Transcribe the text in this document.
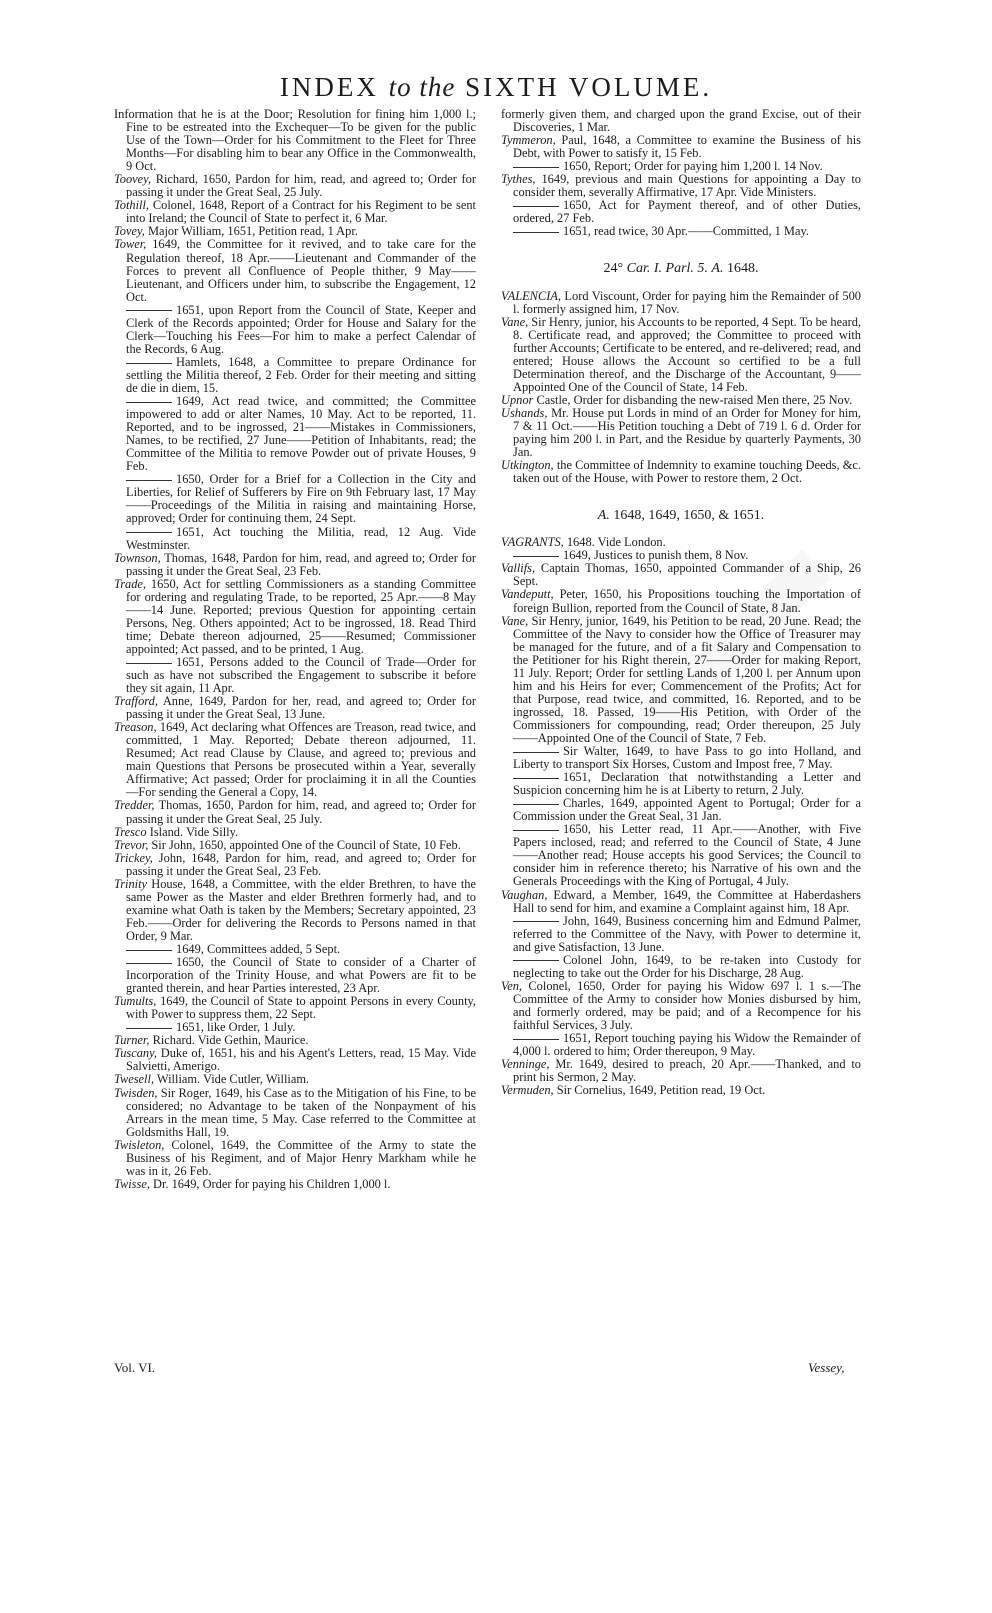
INDEX to the SIXTH VOLUME.

Information that he is at the Door; Resolution for fining him 1,000 l.; Fine to be estreated into the Exchequer—To be given for the public Use of the Town—Order for his Commitment to the Fleet for Three Months—For disabling him to bear any Office in the Commonwealth, 9 Oct.

Toovey, Richard, 1650, Pardon for him, read, and agreed to; Order for passing it under the Great Seal, 25 July.

Tothill, Colonel, 1648, Report of a Contract for his Regiment to be sent into Ireland; the Council of State to perfect it, 6 Mar.

Tovey, Major William, 1651, Petition read, 1 Apr.

Tower, 1649, the Committee for it revived, and to take care for the Regulation thereof, 18 Apr.——Lieutenant and Commander of the Forces to prevent all Confluence of People thither, 9 May——Lieutenant, and Officers under him, to subscribe the Engagement, 12 Oct.

1651, upon Report from the Council of State, Keeper and Clerk of the Records appointed; Order for House and Salary for the Clerk—Touching his Fees—For him to make a perfect Calendar of the Records, 6 Aug.

Hamlets, 1648, a Committee to prepare Ordinance for settling the Militia thereof, 2 Feb. Order for their meeting and sitting de die in diem, 15.

1649, Act read twice, and committed; the Committee impowered to add or alter Names, 10 May. Act to be reported, 11. Reported, and to be ingrossed, 21——Mistakes in Commissioners, Names, to be rectified, 27 June——Petition of Inhabitants, read; the Committee of the Militia to remove Powder out of private Houses, 9 Feb.

1650, Order for a Brief for a Collection in the City and Liberties, for Relief of Sufferers by Fire on 9th February last, 17 May——Proceedings of the Militia in raising and maintaining Horse, approved; Order for continuing them, 24 Sept.

1651, Act touching the Militia, read, 12 Aug. Vide Westminster.

Townson, Thomas, 1648, Pardon for him, read, and agreed to; Order for passing it under the Great Seal, 23 Feb.

Trade, 1650, Act for settling Commissioners as a standing Committee for ordering and regulating Trade, to be reported, 25 Apr.——8 May——14 June. Reported; previous Question for appointing certain Persons, Neg. Others appointed; Act to be ingrossed, 18. Read Third time; Debate thereon adjourned, 25——Resumed; Commissioner appointed; Act passed, and to be printed, 1 Aug.

1651, Persons added to the Council of Trade—Order for such as have not subscribed the Engagement to subscribe it before they sit again, 11 Apr.

Trafford, Anne, 1649, Pardon for her, read, and agreed to; Order for passing it under the Great Seal, 13 June.

Treason, 1649, Act declaring what Offences are Treason, read twice, and committed, 1 May. Reported; Debate thereon adjourned, 11. Resumed; Act read Clause by Clause, and agreed to; previous and main Questions that Persons be prosecuted within a Year, severally Affirmative; Act passed; Order for proclaiming it in all the Counties—For sending the General a Copy, 14.

Tredder, Thomas, 1650, Pardon for him, read, and agreed to; Order for passing it under the Great Seal, 25 July.

Tresco Island. Vide Silly.

Trevor, Sir John, 1650, appointed One of the Council of State, 10 Feb.

Trickey, John, 1648, Pardon for him, read, and agreed to; Order for passing it under the Great Seal, 23 Feb.

Trinity House, 1648, a Committee, with the elder Brethren, to have the same Power as the Master and elder Brethren formerly had, and to examine what Oath is taken by the Members; Secretary appointed, 23 Feb.——Order for delivering the Records to Persons named in that Order, 9 Mar.

1649, Committees added, 5 Sept.

1650, the Council of State to consider of a Charter of Incorporation of the Trinity House, and what Powers are fit to be granted therein, and hear Parties interested, 23 Apr.

Tumults, 1649, the Council of State to appoint Persons in every County, with Power to suppress them, 22 Sept.

1651, like Order, 1 July.

Turner, Richard. Vide Gethin, Maurice.

Tuscany, Duke of, 1651, his and his Agent's Letters, read, 15 May. Vide Salvietti, Amerigo.

Twesell, William. Vide Cutler, William.

Twisden, Sir Roger, 1649, his Case as to the Mitigation of his Fine, to be considered; no Advantage to be taken of the Nonpayment of his Arrears in the mean time, 5 May. Case referred to the Committee at Goldsmiths Hall, 19.

Twisleton, Colonel, 1649, the Committee of the Army to state the Business of his Regiment, and of Major Henry Markham while he was in it, 26 Feb.

Twisse, Dr. 1649, Order for paying his Children 1,000 l.

formerly given them, and charged upon the grand Excise, out of their Discoveries, 1 Mar.

Tymmeron, Paul, 1648, a Committee to examine the Business of his Debt, with Power to satisfy it, 15 Feb.

1650, Report; Order for paying him 1,200 l. 14 Nov.

Tythes, 1649, previous and main Questions for appointing a Day to consider them, severally Affirmative, 17 Apr. Vide Ministers.

1650, Act for Payment thereof, and of other Duties, ordered, 27 Feb.

1651, read twice, 30 Apr.——Committed, 1 May.

24° Car. I. Parl. 5. A. 1648.

VALENCIA, Lord Viscount, Order for paying him the Remainder of 500 l. formerly assigned him, 17 Nov.

Vane, Sir Henry, junior, his Accounts to be reported, 4 Sept. To be heard, 8. Certificate read, and approved; the Committee to proceed with further Accounts; Certificate to be entered, and re-delivered; read, and entered; House allows the Account so certified to be a full Determination thereof, and the Discharge of the Accountant, 9——Appointed One of the Council of State, 14 Feb.

Upnor Castle, Order for disbanding the new-raised Men there, 25 Nov.

Ushands, Mr. House put Lords in mind of an Order for Money for him, 7 & 11 Oct.——His Petition touching a Debt of 719 l. 6 d. Order for paying him 200 l. in Part, and the Residue by quarterly Payments, 30 Jan.

Utkington, the Committee of Indemnity to examine touching Deeds, &c. taken out of the House, with Power to restore them, 2 Oct.

A. 1648, 1649, 1650, & 1651.

VAGRANTS, 1648. Vide London.

1649, Justices to punish them, 8 Nov.

Vallifs, Captain Thomas, 1650, appointed Commander of a Ship, 26 Sept.

Vandeputt, Peter, 1650, his Propositions touching the Importation of foreign Bullion, reported from the Council of State, 8 Jan.

Vane, Sir Henry, junior, 1649, his Petition to be read, 20 June. Read; the Committee of the Navy to consider how the Office of Treasurer may be managed for the future, and of a fit Salary and Compensation to the Petitioner for his Right therein, 27——Order for making Report, 11 July. Report; Order for settling Lands of 1,200 l. per Annum upon him and his Heirs for ever; Commencement of the Profits; Act for that Purpose, read twice, and committed, 16. Reported, and to be ingrossed, 18. Passed, 19——His Petition, with Order of the Commissioners for compounding, read; Order thereupon, 25 July——Appointed One of the Council of State, 7 Feb.

Sir Walter, 1649, to have Pass to go into Holland, and Liberty to transport Six Horses, Custom and Impost free, 7 May.

1651, Declaration that notwithstanding a Letter and Suspicion concerning him he is at Liberty to return, 2 July.

Charles, 1649, appointed Agent to Portugal; Order for a Commission under the Great Seal, 31 Jan.

1650, his Letter read, 11 Apr.——Another, with Five Papers inclosed, read; and referred to the Council of State, 4 June——Another read; House accepts his good Services; the Council to consider him in reference thereto; his Narrative of his own and the Generals Proceedings with the King of Portugal, 4 July.

Vaughan, Edward, a Member, 1649, the Committee at Haberdashers Hall to send for him, and examine a Complaint against him, 18 Apr.

John, 1649, Business concerning him and Edmund Palmer, referred to the Committee of the Navy, with Power to determine it, and give Satisfaction, 13 June.

Colonel John, 1649, to be re-taken into Custody for neglecting to take out the Order for his Discharge, 28 Aug.

Ven, Colonel, 1650, Order for paying his Widow 697 l. 1 s.—The Committee of the Army to consider how Monies disbursed by him, and formerly ordered, may be paid; and of a Recompence for his faithful Services, 3 July.

1651, Report touching paying his Widow the Remainder of 4,000 l. ordered to him; Order thereupon, 9 May.

Venninge, Mr. 1649, desired to preach, 20 Apr.——Thanked, and to print his Sermon, 2 May.

Vermuden, Sir Cornelius, 1649, Petition read, 19 Oct.

Vol. VI.	Vessey,
